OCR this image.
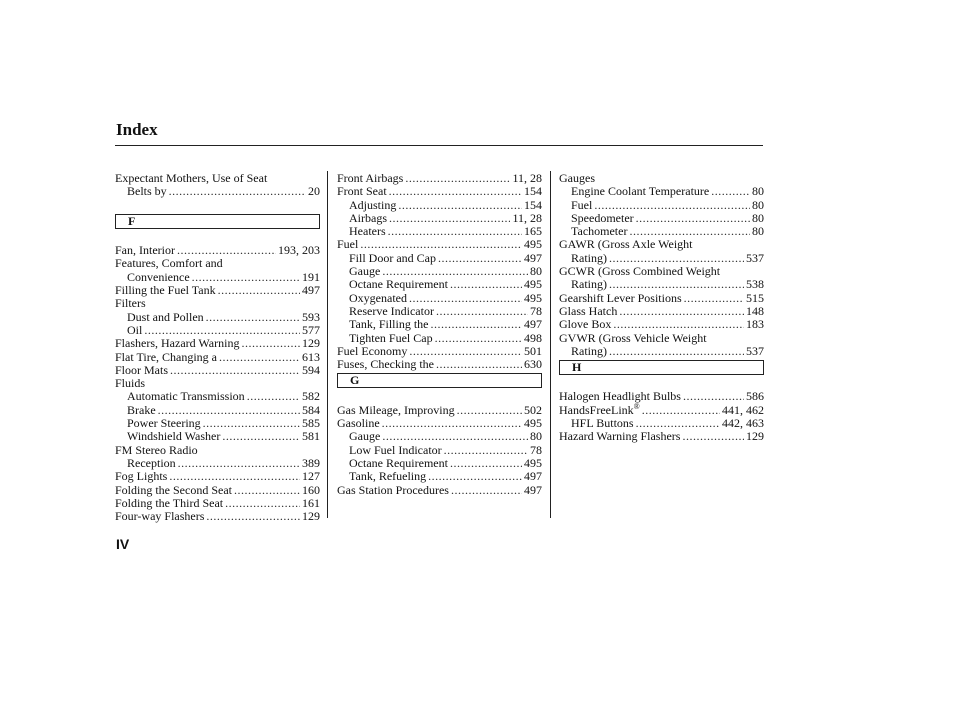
Index
Expectant Mothers, Use of Seat
Belts by .....	20
F
Fan, Interior .....	193, 203
Features, Comfort and
Convenience .....	191
Filling the Fuel Tank .....	497
Filters
Dust and Pollen .....	593
Oil .....	577
Flashers, Hazard Warning .....	129
Flat Tire, Changing a .....	613
Floor Mats .....	594
Fluids
Automatic Transmission .....	582
Brake .....	584
Power Steering .....	585
Windshield Washer .....	581
FM Stereo Radio
Reception .....	389
Fog Lights .....	127
Folding the Second Seat .....	160
Folding the Third Seat .....	161
Four-way Flashers .....	129
Front Airbags .....	11, 28
Front Seat .....	154
Adjusting .....	154
Airbags .....	11, 28
Heaters .....	165
Fuel .....	495
Fill Door and Cap .....	497
Gauge .....	80
Octane Requirement .....	495
Oxygenated .....	495
Reserve Indicator .....	78
Tank, Filling the .....	497
Tighten Fuel Cap .....	498
Fuel Economy .....	501
Fuses, Checking the .....	630
G
Gas Mileage, Improving .....	502
Gasoline .....	495
Gauge .....	80
Low Fuel Indicator .....	78
Octane Requirement .....	495
Tank, Refueling .....	497
Gas Station Procedures .....	497
Gauges
Engine Coolant Temperature .....	80
Fuel .....	80
Speedometer .....	80
Tachometer .....	80
GAWR (Gross Axle Weight
Rating) .....	537
GCWR (Gross Combined Weight
Rating) .....	538
Gearshift Lever Positions .....	515
Glass Hatch .....	148
Glove Box .....	183
GVWR (Gross Vehicle Weight
Rating) .....	537
H
Halogen Headlight Bulbs .....	586
HandsFreeLink® .....	441, 462
HFL Buttons .....	442, 463
Hazard Warning Flashers .....	129
IV
